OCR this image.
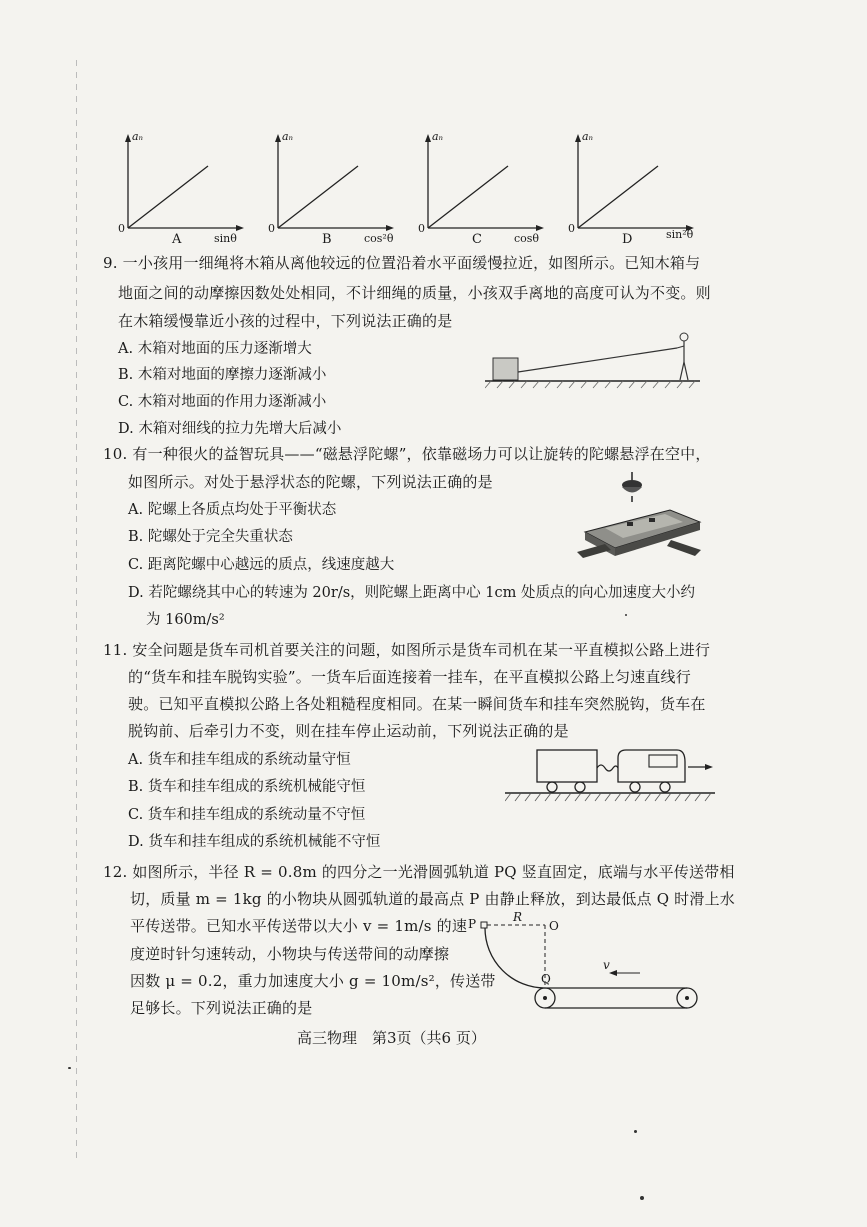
aₙ
0
sinθ
A
aₙ
0
cos²θ
B
aₙ
0
cosθ
C
aₙ
0	sin²θ
D
9. 一小孩用一细绳将木箱从离他较远的位置沿着水平面缓慢拉近，如图所示。已知木箱与
地面之间的动摩擦因数处处相同，不计细绳的质量，小孩双手离地的高度可认为不变。则
在木箱缓慢靠近小孩的过程中，下列说法正确的是
A. 木箱对地面的压力逐渐增大
B. 木箱对地面的摩擦力逐渐减小
C. 木箱对地面的作用力逐渐减小
D. 木箱对细线的拉力先增大后减小
10. 有一种很火的益智玩具——“磁悬浮陀螺”，依靠磁场力可以让旋转的陀螺悬浮在空中，
如图所示。对处于悬浮状态的陀螺，下列说法正确的是
A. 陀螺上各质点均处于平衡状态
B. 陀螺处于完全失重状态
C. 距离陀螺中心越远的质点，线速度越大
D. 若陀螺绕其中心的转速为 20r/s，则陀螺上距离中心 1cm 处质点的向心加速度大小约
为 160m/s²
11. 安全问题是货车司机首要关注的问题，如图所示是货车司机在某一平直模拟公路上进行
的“货车和挂车脱钩实验”。一货车后面连接着一挂车，在平直模拟公路上匀速直线行
驶。已知平直模拟公路上各处粗糙程度相同。在某一瞬间货车和挂车突然脱钩，货车在
脱钩前、后牵引力不变，则在挂车停止运动前，下列说法正确的是
A. 货车和挂车组成的系统动量守恒
B. 货车和挂车组成的系统机械能守恒
C. 货车和挂车组成的系统动量不守恒
D. 货车和挂车组成的系统机械能不守恒
12. 如图所示，半径 R = 0.8m 的四分之一光滑圆弧轨道 PQ 竖直固定，底端与水平传送带相
切，质量 m = 1kg 的小物块从圆弧轨道的最高点 P 由静止释放，到达最低点 Q 时滑上水
平传送带。已知水平传送带以大小 v = 1m/s 的速
度逆时针匀速转动，小物块与传送带间的动摩擦
因数 μ = 0.2，重力加速度大小 g = 10m/s²，传送带
足够长。下列说法正确的是
P	R
O
Q
v
高三物理　第3页（共6 页）
